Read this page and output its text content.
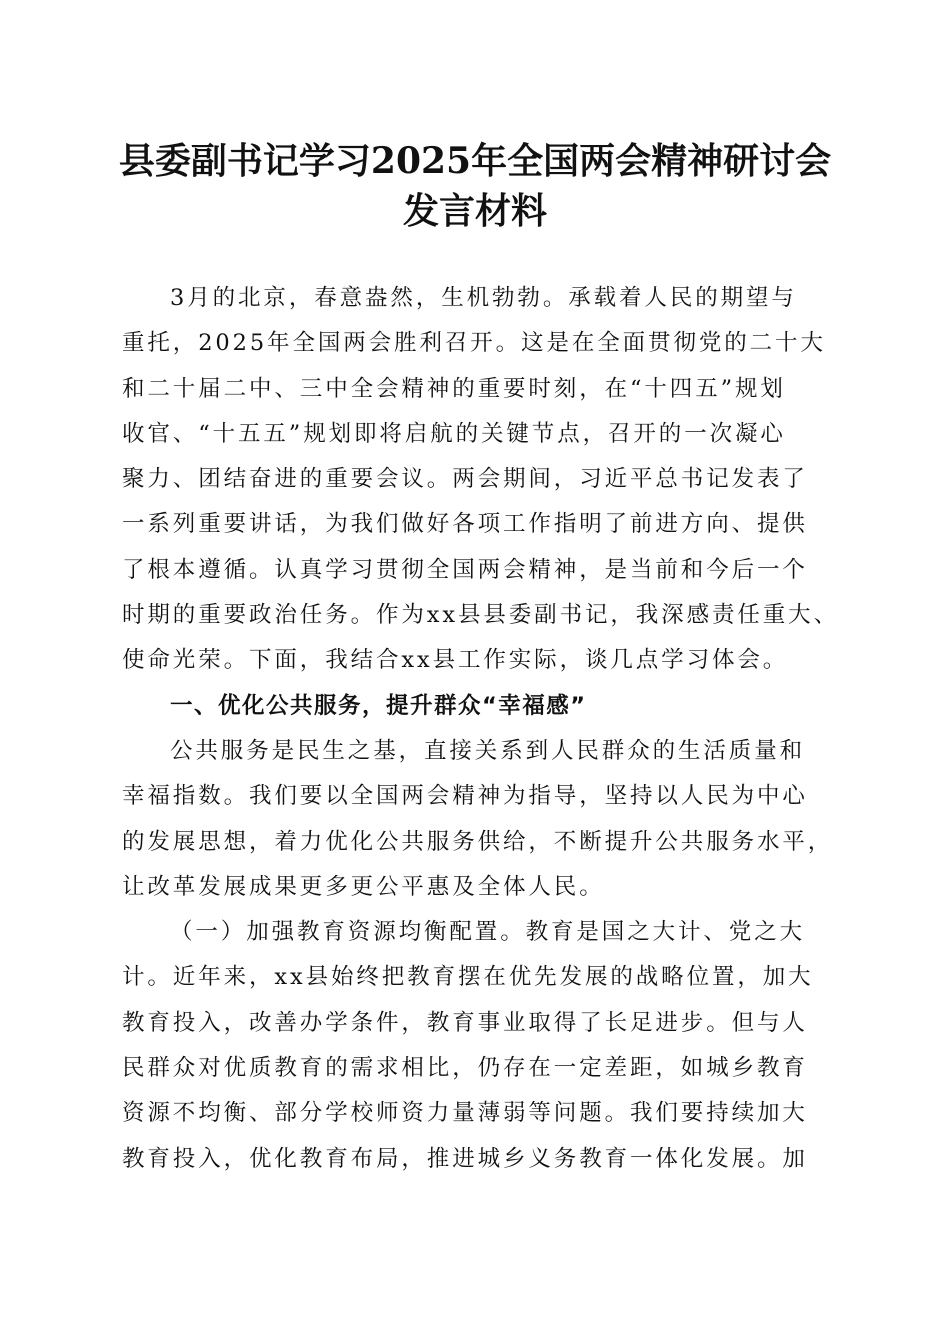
县委副书记学习2025年全国两会精神研讨会
发言材料
3月的北京，春意盎然，生机勃勃。承载着人民的期望与
重托，2025年全国两会胜利召开。这是在全面贯彻党的二十大
和二十届二中、三中全会精神的重要时刻，在“十四五”规划
收官、“十五五”规划即将启航的关键节点，召开的一次凝心
聚力、团结奋进的重要会议。两会期间，习近平总书记发表了
一系列重要讲话，为我们做好各项工作指明了前进方向、提供
了根本遵循。认真学习贯彻全国两会精神，是当前和今后一个
时期的重要政治任务。作为xx县县委副书记，我深感责任重大、
使命光荣。下面，我结合xx县工作实际，谈几点学习体会。
一、优化公共服务，提升群众“幸福感”
公共服务是民生之基，直接关系到人民群众的生活质量和
幸福指数。我们要以全国两会精神为指导，坚持以人民为中心
的发展思想，着力优化公共服务供给，不断提升公共服务水平，
让改革发展成果更多更公平惠及全体人民。
（一）加强教育资源均衡配置。教育是国之大计、党之大
计。近年来，xx县始终把教育摆在优先发展的战略位置，加大
教育投入，改善办学条件，教育事业取得了长足进步。但与人
民群众对优质教育的需求相比，仍存在一定差距，如城乡教育
资源不均衡、部分学校师资力量薄弱等问题。我们要持续加大
教育投入，优化教育布局，推进城乡义务教育一体化发展。加
